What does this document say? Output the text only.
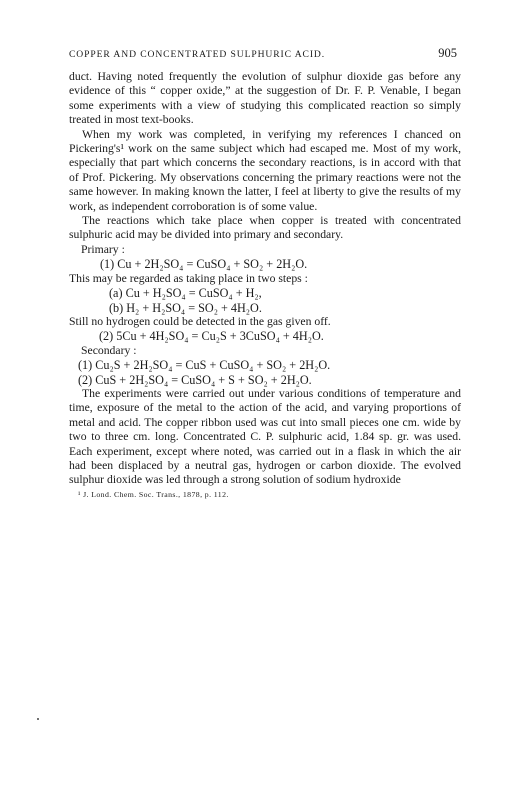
COPPER AND CONCENTRATED SULPHURIC ACID.	905
duct. Having noted frequently the evolution of sulphur dioxide gas before any evidence of this “ copper oxide,” at the suggestion of Dr. F. P. Venable, I began some experiments with a view of studying this complicated reaction so simply treated in most text-books.
When my work was completed, in verifying my references I chanced on Pickering's¹ work on the same subject which had escaped me. Most of my work, especially that part which concerns the secondary reactions, is in accord with that of Prof. Pickering. My observations concerning the primary reactions were not the same however. In making known the latter, I feel at liberty to give the results of my work, as independent corroboration is of some value.
The reactions which take place when copper is treated with concentrated sulphuric acid may be divided into primary and secondary.
Primary :
(1) Cu + 2H₂SO₄ = CuSO₄ + SO₂ + 2H₂O.
This may be regarded as taking place in two steps :
(a) Cu + H₂SO₄ = CuSO₄ + H₂,
(b) H₂ + H₂SO₄ = SO₂ + 4H₂O.
Still no hydrogen could be detected in the gas given off.
(2) 5Cu + 4H₂SO₄ = Cu₂S + 3CuSO₄ + 4H₂O.
Secondary :
(1) Cu₂S + 2H₂SO₄ = CuS + CuSO₄ + SO₂ + 2H₂O.
(2) CuS + 2H₂SO₄ = CuSO₄ + S + SO₂ + 2H₂O.
The experiments were carried out under various conditions of temperature and time, exposure of the metal to the action of the acid, and varying proportions of metal and acid. The copper ribbon used was cut into small pieces one cm. wide by two to three cm. long. Concentrated C. P. sulphuric acid, 1.84 sp. gr. was used. Each experiment, except where noted, was carried out in a flask in which the air had been displaced by a neutral gas, hydrogen or carbon dioxide. The evolved sulphur dioxide was led through a strong solution of sodium hydroxide
¹ J. Lond. Chem. Soc. Trans., 1878, p. 112.
